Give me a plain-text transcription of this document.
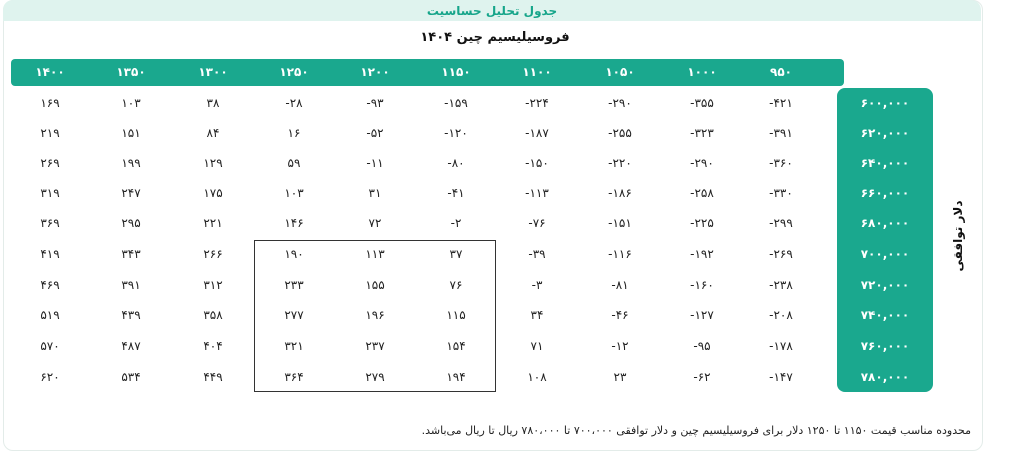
جدول تحلیل حساسیت
فروسیلیسیم چین ۱۴۰۴
۹۵۰
۱۰۰۰
۱۰۵۰
۱۱۰۰
۱۱۵۰
۱۲۰۰
۱۲۵۰
۱۳۰۰
۱۳۵۰
۱۴۰۰
۶۰۰,۰۰۰
۶۲۰,۰۰۰
۶۴۰,۰۰۰
۶۶۰,۰۰۰
۶۸۰,۰۰۰
۷۰۰,۰۰۰
۷۲۰,۰۰۰
۷۴۰,۰۰۰
۷۶۰,۰۰۰
۷۸۰,۰۰۰
دلار توافقی
-۴۲۱
-۳۵۵
-۲۹۰
-۲۲۴
-۱۵۹
-۹۳
-۲۸
۳۸
۱۰۳
۱۶۹
-۳۹۱
-۳۲۳
-۲۵۵
-۱۸۷
-۱۲۰
-۵۲
۱۶
۸۴
۱۵۱
۲۱۹
-۳۶۰
-۲۹۰
-۲۲۰
-۱۵۰
-۸۰
-۱۱
۵۹
۱۲۹
۱۹۹
۲۶۹
-۳۳۰
-۲۵۸
-۱۸۶
-۱۱۳
-۴۱
۳۱
۱۰۳
۱۷۵
۲۴۷
۳۱۹
-۲۹۹
-۲۲۵
-۱۵۱
-۷۶
-۲
۷۲
۱۴۶
۲۲۱
۲۹۵
۳۶۹
-۲۶۹
-۱۹۲
-۱۱۶
-۳۹
۳۷
۱۱۳
۱۹۰
۲۶۶
۳۴۳
۴۱۹
-۲۳۸
-۱۶۰
-۸۱
-۳
۷۶
۱۵۵
۲۳۳
۳۱۲
۳۹۱
۴۶۹
-۲۰۸
-۱۲۷
-۴۶
۳۴
۱۱۵
۱۹۶
۲۷۷
۳۵۸
۴۳۹
۵۱۹
-۱۷۸
-۹۵
-۱۲
۷۱
۱۵۴
۲۳۷
۳۲۱
۴۰۴
۴۸۷
۵۷۰
-۱۴۷
-۶۲
۲۳
۱۰۸
۱۹۴
۲۷۹
۳۶۴
۴۴۹
۵۳۴
۶۲۰
محدوده مناسب قیمت ۱۱۵۰ تا ۱۲۵۰ دلار برای فروسیلیسیم چین و دلار توافقی ۷۰۰،۰۰۰ تا ۷۸۰،۰۰۰ ریال تا ریال می‌باشد.
